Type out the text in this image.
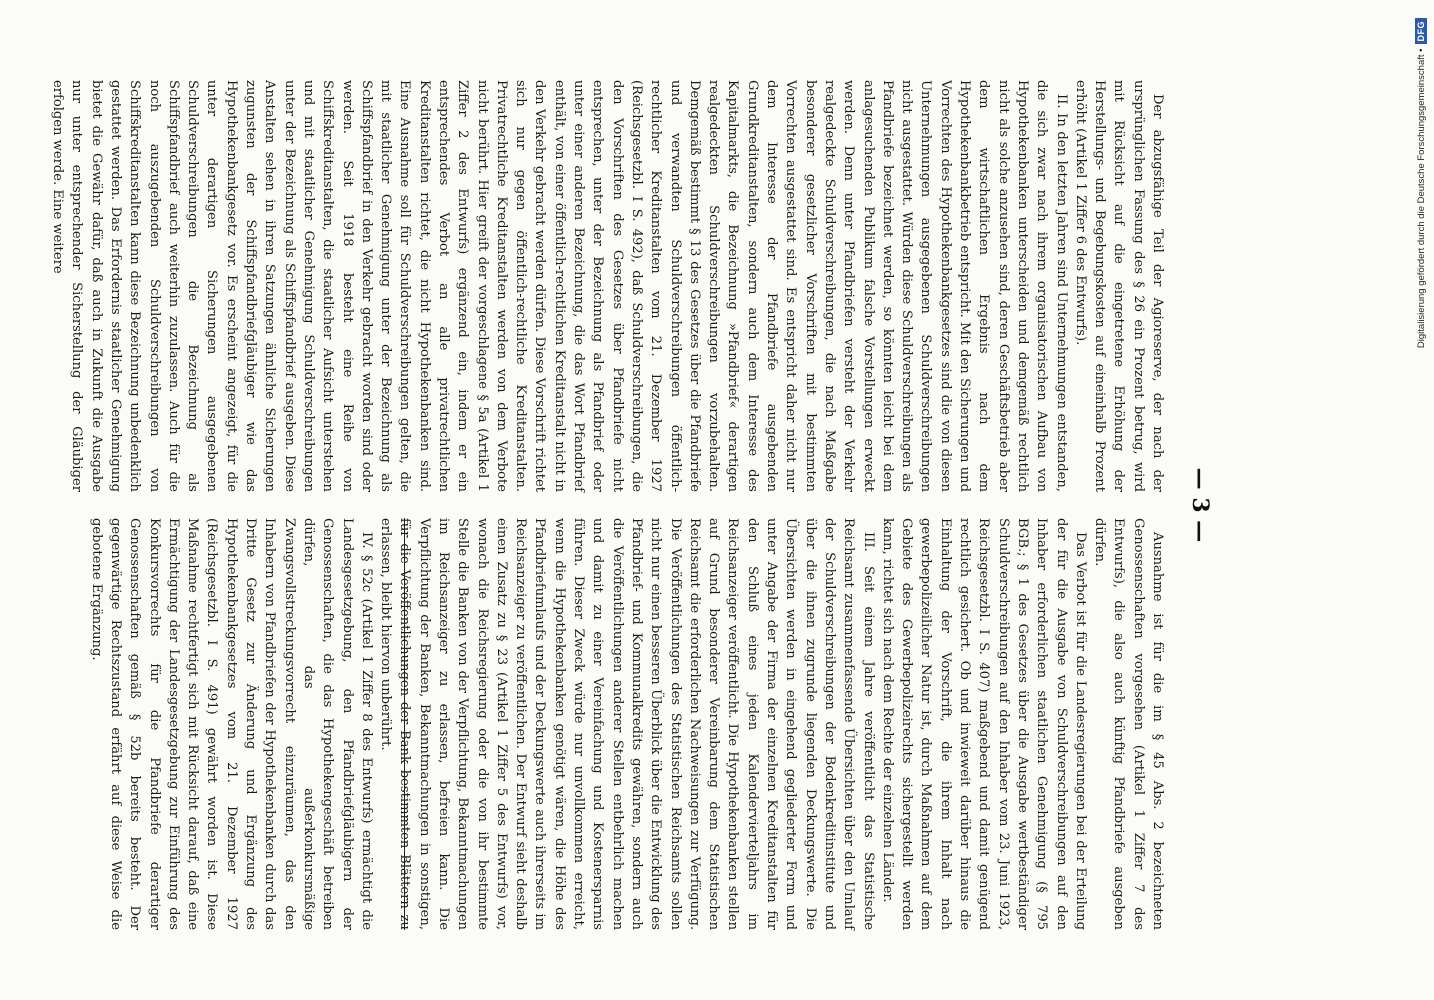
— 3 —

Der abzugsfähige Teil der Agioreserve, der nach der ursprünglichen Fassung des § 26 ein Prozent betrug, wird mit Rücksicht auf die eingetretene Erhöhung der Herstellungs- und Begebungskosten auf eineinhalb Prozent erhöht (Artikel 1 Ziffer 6 des Entwurfs).

II. In den letzten Jahren sind Unternehmungen entstanden, die sich zwar nach ihrem organisatorischen Aufbau von Hypothekenbanken unterscheiden und demgemäß rechtlich nicht als solche anzusehen sind, deren Geschäftsbetrieb aber dem wirtschaftlichen Ergebnis nach dem Hypothekenbankbetrieb entspricht. Mit den Sicherungen und Vorrechten des Hypothekenbankgesetzes sind die von diesen Unternehmungen ausgegebenen Schuldverschreibungen nicht ausgestattet. Würden diese Schuldverschreibungen als Pfandbriefe bezeichnet werden, so könnten leicht bei dem anlagesuchenden Publikum falsche Vorstellungen erweckt werden. Denn unter Pfandbriefen versteht der Verkehr realgedeckte Schuldverschreibungen, die nach Maßgabe besonderer gesetzlicher Vorschriften mit bestimmten Vorrechten ausgestattet sind. Es entspricht daher nicht nur dem Interesse der Pfandbriefe ausgebenden Grundkreditanstalten, sondern auch dem Interesse des Kapitalmarkts, die Bezeichnung »Pfandbrief« derartigen realgedeckten Schuldverschreibungen vorzubehalten. Demgemäß bestimmt § 13 des Gesetzes über die Pfandbriefe und verwandten Schuldverschreibungen öffentlich-rechtlicher Kreditanstalten vom 21. Dezember 1927 (Reichsgesetzbl. I S. 492), daß Schuldverschreibungen, die den Vorschriften des Gesetzes über Pfandbriefe nicht entsprechen, unter der Bezeichnung als Pfandbrief oder unter einer anderen Bezeichnung, die das Wort Pfandbrief enthält, von einer öffentlich-rechtlichen Kreditanstalt nicht in den Verkehr gebracht werden dürfen. Diese Vorschrift richtet sich nur gegen öffentlich-rechtliche Kreditanstalten. Privatrechtliche Kreditanstalten werden von dem Verbote nicht berührt. Hier greift der vorgeschlagene § 5a (Artikel 1 Ziffer 2 des Entwurfs) ergänzend ein, indem er ein entsprechendes Verbot an alle privatrechtlichen Kreditanstalten richtet, die nicht Hypothekenbanken sind. Eine Ausnahme soll für Schuldverschreibungen gelten, die mit staatlicher Genehmigung unter der Bezeichnung als Schiffspfandbrief in den Verkehr gebracht worden sind oder werden. Seit 1918 besteht eine Reihe von Schiffskreditanstalten, die staatlicher Aufsicht unterstehen und mit staatlicher Genehmigung Schuldverschreibungen unter der Bezeichnung als Schiffspfandbrief ausgeben. Diese Anstalten sehen in ihren Satzungen ähnliche Sicherungen zugunsten der Schiffspfandbriefgläubiger wie das Hypothekenbankgesetz vor. Es erscheint angezeigt, für die unter derartigen Sicherungen ausgegebenen Schuldverschreibungen die Bezeichnung als Schiffspfandbrief auch weiterhin zuzulassen. Auch für die noch auszugebenden Schuldverschreibungen von Schiffskreditanstalten kann diese Bezeichnung unbedenklich gestattet werden. Das Erfordernis staatlicher Genehmigung bietet die Gewähr dafür, daß auch in Zukunft die Ausgabe nur unter entsprechender Sicherstellung der Gläubiger erfolgen werde. Eine weitere

Ausnahme ist für die im § 45 Abs. 2 bezeichneten Genossenschaften vorgesehen (Artikel 1 Ziffer 7 des Entwurfs), die also auch künftig Pfandbriefe ausgeben dürfen.

Das Verbot ist für die Landesregierungen bei der Erteilung der für die Ausgabe von Schuldverschreibungen auf den Inhaber erforderlichen staatlichen Genehmigung (§ 795 BGB.; § 1 des Gesetzes über die Ausgabe wertbeständiger Schuldverschreibungen auf den Inhaber vom 23. Juni 1923, Reichsgesetzbl. I S. 407) maßgebend und damit genügend rechtlich gesichert. Ob und inwieweit darüber hinaus die Einhaltung der Vorschrift, die ihrem Inhalt nach gewerbepolizeilicher Natur ist, durch Maßnahmen auf dem Gebiete des Gewerbepolizeirechts sichergestellt werden kann, richtet sich nach dem Rechte der einzelnen Länder.

III. Seit einem Jahre veröffentlicht das Statistische Reichsamt zusammenfassende Übersichten über den Umlauf der Schuldverschreibungen der Bodenkreditinstitute und über die ihnen zugrunde liegenden Deckungswerte. Die Übersichten werden in eingehend gegliederter Form und unter Angabe der Firma der einzelnen Kreditanstalten für den Schluß eines jeden Kalendervierteljahrs im Reichsanzeiger veröffentlicht. Die Hypothekenbanken stellen auf Grund besonderer Vereinbarung dem Statistischen Reichsamt die erforderlichen Nachweisungen zur Verfügung. Die Veröffentlichungen des Statistischen Reichsamts sollen nicht nur einen besseren Überblick über die Entwicklung des Pfandbrief- und Kommunalkredits gewähren, sondern auch die Veröffentlichungen anderer Stellen entbehrlich machen und damit zu einer Vereinfachung und Kostenersparnis führen. Dieser Zweck würde nur unvollkommen erreicht, wenn die Hypothekenbanken genötigt wären, die Höhe des Pfandbriefumlaufs und der Deckungswerte auch ihrerseits im Reichsanzeiger zu veröffentlichen. Der Entwurf sieht deshalb einen Zusatz zu § 23 (Artikel 1 Ziffer 5 des Entwurfs) vor, wonach die Reichsregierung oder die von ihr bestimmte Stelle die Banken von der Verpflichtung, Bekanntmachungen im Reichsanzeiger zu erlassen, befreien kann. Die Verpflichtung der Banken, Bekanntmachungen in sonstigen, für die Veröffentlichungen der Bank bestimmten Blättern zu erlassen, bleibt hiervon unberührt.

IV. § 52c (Artikel 1 Ziffer 8 des Entwurfs) ermächtigt die Landesgesetzgebung, den Pfandbriefgläubigern der Genossenschaften, die das Hypothekengeschäft betreiben dürfen, das außerkonkursmäßige Zwangsvollstreckungsvorrecht einzuräumen, das den Inhabern von Pfandbriefen der Hypothekenbanken durch das Dritte Gesetz zur Änderung und Ergänzung des Hypothekenbankgesetzes vom 21. Dezember 1927 (Reichsgesetzbl. I S. 491) gewährt worden ist. Diese Maßnahme rechtfertigt sich mit Rücksicht darauf, daß eine Ermächtigung der Landesgesetzgebung zur Einführung des Konkursvorrechts für die Pfandbriefe derartiger Genossenschaften gemäß § 52b bereits besteht. Der gegenwärtige Rechtszustand erfährt auf diese Weise die gebotene Ergänzung.

Digitalisierung gefördert durch die Deutsche Forschungsgemeinschaft •DFG
